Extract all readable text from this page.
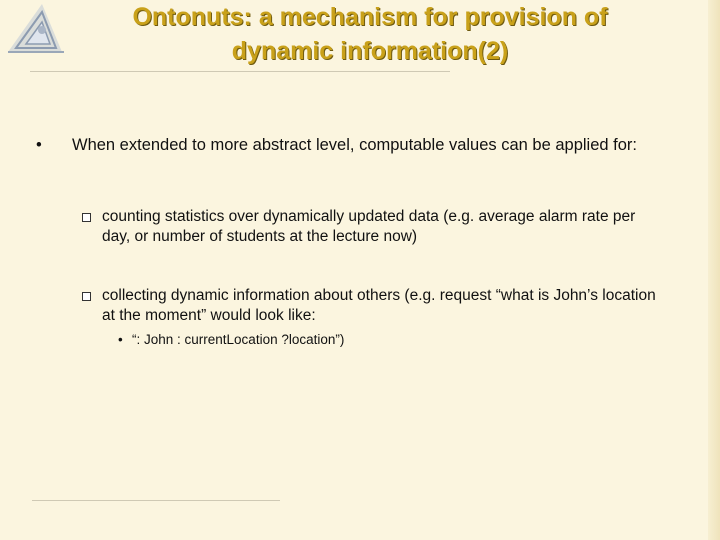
Ontonuts: a mechanism for provision of
dynamic information(2)
•	When extended to more abstract level, computable values can be applied for:
counting statistics over dynamically updated data (e.g. average alarm rate per day, or number of students at the lecture now)
collecting dynamic information about others (e.g. request “what is John’s location at the moment” would look like:
• “: John : currentLocation ?location”)
